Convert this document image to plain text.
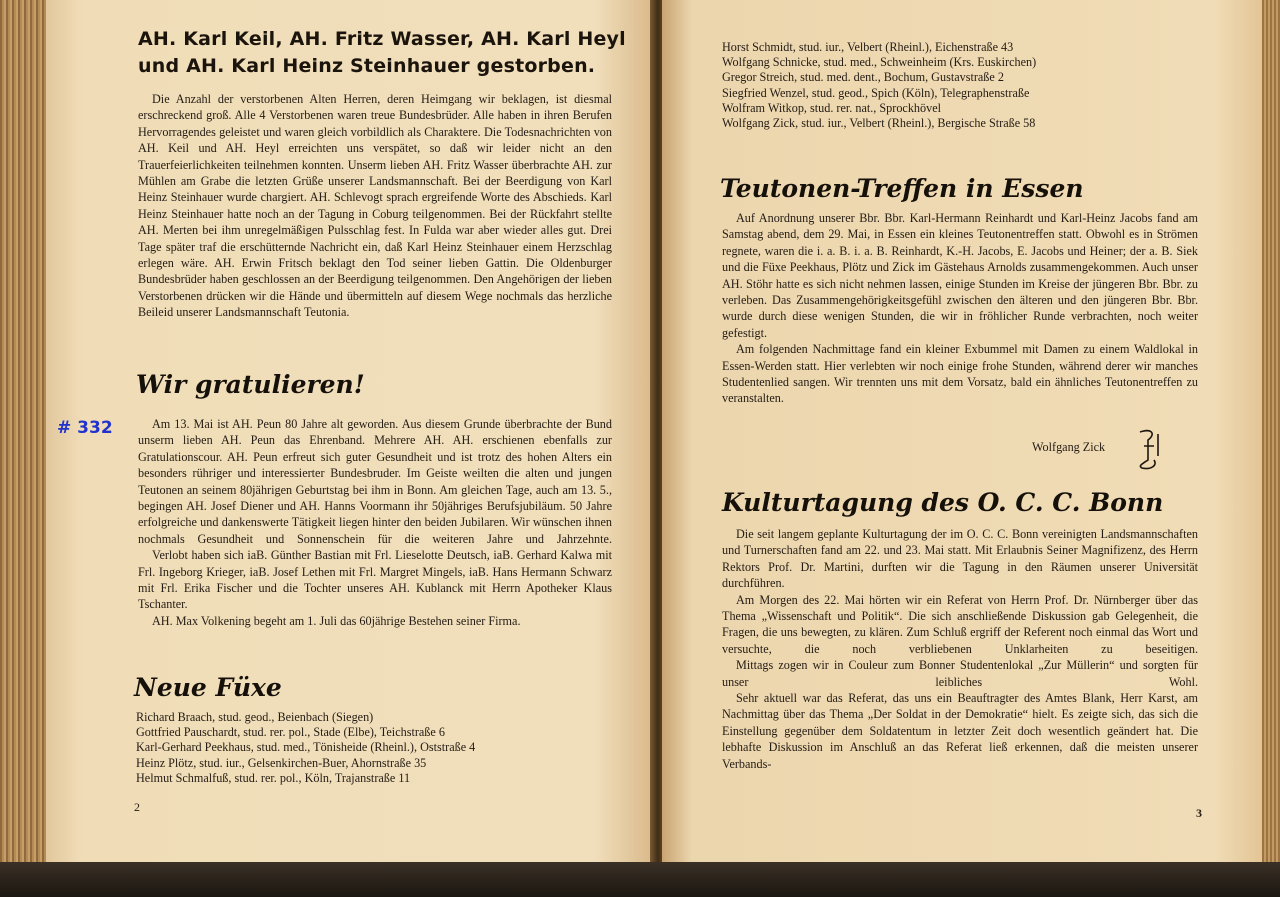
AH. Karl Keil, AH. Fritz Wasser, AH. Karl Heyl
und AH. Karl Heinz Steinhauer gestorben.

Die Anzahl der verstorbenen Alten Herren, deren Heimgang wir beklagen, ist diesmal erschreckend groß. Alle 4 Verstorbenen waren treue Bundesbrüder. Alle haben in ihren Berufen Hervorragendes geleistet und waren gleich vorbildlich als Charaktere. Die Todesnachrichten von AH. Keil und AH. Heyl erreichten uns verspätet, so daß wir leider nicht an den Trauerfeierlichkeiten teilnehmen konnten. Unserm lieben AH. Fritz Wasser überbrachte AH. zur Mühlen am Grabe die letzten Grüße unserer Landsmannschaft. Bei der Beerdigung von Karl Heinz Steinhauer wurde chargiert. AH. Schlevogt sprach ergreifende Worte des Abschieds. Karl Heinz Steinhauer hatte noch an der Tagung in Coburg teilgenommen. Bei der Rückfahrt stellte AH. Merten bei ihm unregelmäßigen Pulsschlag fest. In Fulda war aber wieder alles gut. Drei Tage später traf die erschütternde Nachricht ein, daß Karl Heinz Steinhauer einem Herzschlag erlegen wäre. AH. Erwin Fritsch beklagt den Tod seiner lieben Gattin. Die Oldenburger Bundesbrüder haben geschlossen an der Beerdigung teilgenommen. Den Angehörigen der lieben Verstorbenen drücken wir die Hände und übermitteln auf diesem Wege nochmals das herzliche Beileid unserer Landsmannschaft Teutonia.

Wir gratulieren!

Am 13. Mai ist AH. Peun 80 Jahre alt geworden. Aus diesem Grunde überbrachte der Bund unserm lieben AH. Peun das Ehrenband. Mehrere AH. AH. erschienen ebenfalls zur Gratulationscour. AH. Peun erfreut sich guter Gesundheit und ist trotz des hohen Alters ein besonders rühriger und interessierter Bundesbruder. Im Geiste weilten die alten und jungen Teutonen an seinem 80jährigen Geburtstag bei ihm in Bonn. Am gleichen Tage, auch am 13. 5., begingen AH. Josef Diener und AH. Hanns Voormann ihr 50jähriges Berufsjubiläum. 50 Jahre erfolgreiche und dankenswerte Tätigkeit liegen hinter den beiden Jubilaren. Wir wünschen ihnen nochmals Gesundheit und Sonnenschein für die weiteren Jahre und Jahrzehnte.

Verlobt haben sich iaB. Günther Bastian mit Frl. Lieselotte Deutsch, iaB. Gerhard Kalwa mit Frl. Ingeborg Krieger, iaB. Josef Lethen mit Frl. Margret Mingels, iaB. Hans Hermann Schwarz mit Frl. Erika Fischer und die Tochter unseres AH. Kublanck mit Herrn Apotheker Klaus Tschanter.

AH. Max Volkening begeht am 1. Juli das 60jährige Bestehen seiner Firma.

Neue Füxe
Richard Braach, stud. geod., Beienbach (Siegen)
Gottfried Pauschardt, stud. rer. pol., Stade (Elbe), Teichstraße 6
Karl-Gerhard Peekhaus, stud. med., Tönisheide (Rheinl.), Oststraße 4
Heinz Plötz, stud. iur., Gelsenkirchen-Buer, Ahornstraße 35
Helmut Schmalfuß, stud. rer. pol., Köln, Trajanstraße 11
2
Horst Schmidt, stud. iur., Velbert (Rheinl.), Eichenstraße 43
Wolfgang Schnicke, stud. med., Schweinheim (Krs. Euskirchen)
Gregor Streich, stud. med. dent., Bochum, Gustavstraße 2
Siegfried Wenzel, stud. geod., Spich (Köln), Telegraphenstraße
Wolfram Witkop, stud. rer. nat., Sprockhövel
Wolfgang Zick, stud. iur., Velbert (Rheinl.), Bergische Straße 58
Teutonen-Treffen in Essen

Auf Anordnung unserer Bbr. Bbr. Karl-Hermann Reinhardt und Karl-Heinz Jacobs fand am Samstag abend, dem 29. Mai, in Essen ein kleines Teutonentreffen statt. Obwohl es in Strömen regnete, waren die i. a. B. i. a. B. Reinhardt, K.-H. Jacobs, E. Jacobs und Heiner; der a. B. Siek und die Füxe Peekhaus, Plötz und Zick im Gästehaus Arnolds zusammengekommen. Auch unser AH. Stöhr hatte es sich nicht nehmen lassen, einige Stunden im Kreise der jüngeren Bbr. Bbr. zu verleben. Das Zusammengehörigkeitsgefühl zwischen den älteren und den jüngeren Bbr. Bbr. wurde durch diese wenigen Stunden, die wir in fröhlicher Runde verbrachten, noch weiter gefestigt.

Am folgenden Nachmittage fand ein kleiner Exbummel mit Damen zu einem Waldlokal in Essen-Werden statt. Hier verlebten wir noch einige frohe Stunden, während derer wir manches Studentenlied sangen. Wir trennten uns mit dem Vorsatz, bald ein ähnliches Teutonentreffen zu veranstalten.

Wolfgang Zick
Kulturtagung des O. C. C. Bonn

Die seit langem geplante Kulturtagung der im O. C. C. Bonn vereinigten Landsmannschaften und Turnerschaften fand am 22. und 23. Mai statt. Mit Erlaubnis Seiner Magnifizenz, des Herrn Rektors Prof. Dr. Martini, durften wir die Tagung in den Räumen unserer Universität durchführen.

Am Morgen des 22. Mai hörten wir ein Referat von Herrn Prof. Dr. Nürnberger über das Thema „Wissenschaft und Politik“. Die sich anschließende Diskussion gab Gelegenheit, die Fragen, die uns bewegten, zu klären. Zum Schluß ergriff der Referent noch einmal das Wort und versuchte, die noch verbliebenen Unklarheiten zu beseitigen.

Mittags zogen wir in Couleur zum Bonner Studentenlokal „Zur Müllerin“ und sorgten für unser leibliches Wohl.

Sehr aktuell war das Referat, das uns ein Beauftragter des Amtes Blank, Herr Karst, am Nachmittag über das Thema „Der Soldat in der Demokratie“ hielt. Es zeigte sich, das sich die Einstellung gegenüber dem Soldatentum in letzter Zeit doch wesentlich geändert hat. Die lebhafte Diskussion im Anschluß an das Referat ließ erkennen, daß die meisten unserer Verbands-

3
# 332
